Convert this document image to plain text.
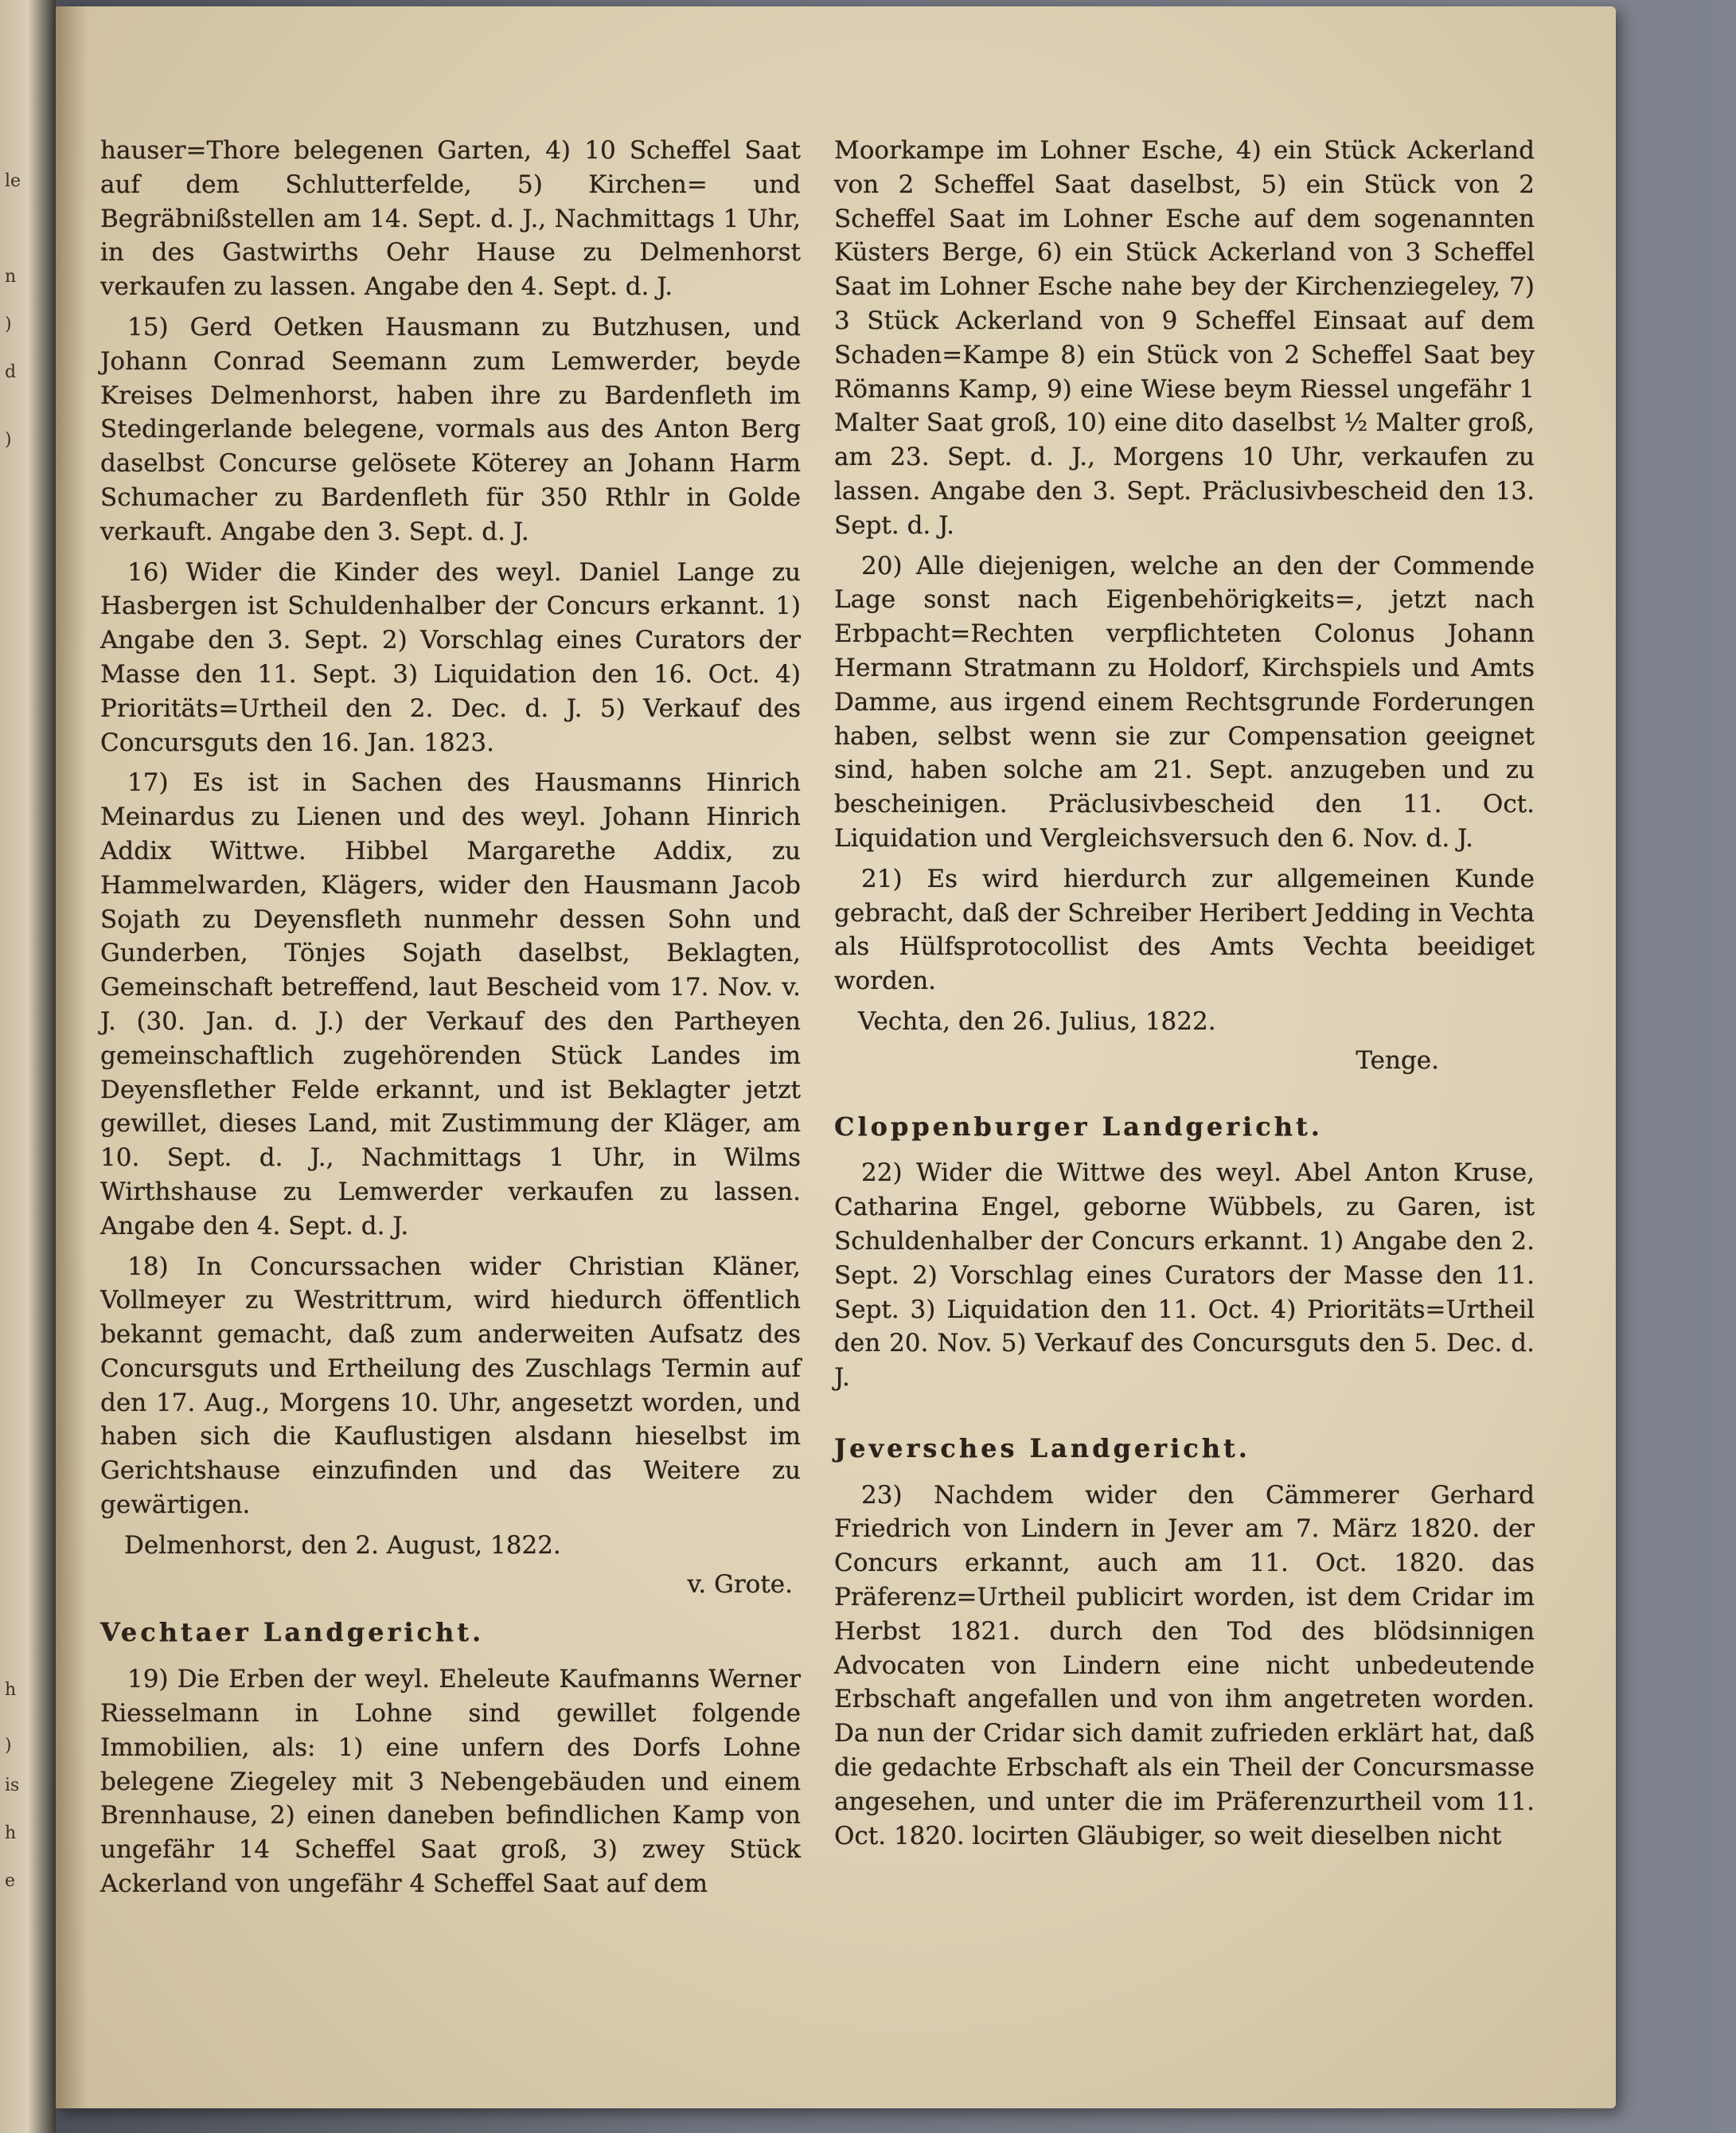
le
n
)
d
)
h
)
is
h
e

hauser=Thore belegenen Garten, 4) 10 Scheffel Saat auf dem Schlutterfelde, 5) Kirchen= und Begräbnißstellen am 14. Sept. d. J., Nachmittags 1 Uhr, in des Gastwirths Oehr Hause zu Delmenhorst verkaufen zu lassen. Angabe den 4. Sept. d. J.

15) Gerd Oetken Hausmann zu Butzhusen, und Johann Conrad Seemann zum Lemwerder, beyde Kreises Delmenhorst, haben ihre zu Bardenfleth im Stedingerlande belegene, vormals aus des Anton Berg daselbst Concurse gelösete Köterey an Johann Harm Schumacher zu Bardenfleth für 350 Rthlr in Golde verkauft. Angabe den 3. Sept. d. J.

16) Wider die Kinder des weyl. Daniel Lange zu Hasbergen ist Schuldenhalber der Concurs erkannt. 1) Angabe den 3. Sept. 2) Vorschlag eines Curators der Masse den 11. Sept. 3) Liquidation den 16. Oct. 4) Prioritäts=Urtheil den 2. Dec. d. J. 5) Verkauf des Concursguts den 16. Jan. 1823.

17) Es ist in Sachen des Hausmanns Hinrich Meinardus zu Lienen und des weyl. Johann Hinrich Addix Wittwe. Hibbel Margarethe Addix, zu Hammelwarden, Klägers, wider den Hausmann Jacob Sojath zu Deyensfleth nunmehr dessen Sohn und Gunderben, Tönjes Sojath daselbst, Beklagten, Gemeinschaft betreffend, laut Bescheid vom 17. Nov. v. J. (30. Jan. d. J.) der Verkauf des den Partheyen gemeinschaftlich zugehörenden Stück Landes im Deyensflether Felde erkannt, und ist Beklagter jetzt gewillet, dieses Land, mit Zustimmung der Kläger, am 10. Sept. d. J., Nachmittags 1 Uhr, in Wilms Wirthshause zu Lemwerder verkaufen zu lassen. Angabe den 4. Sept. d. J.

18) In Concurssachen wider Christian Kläner, Vollmeyer zu Westrittrum, wird hiedurch öffentlich bekannt gemacht, daß zum anderweiten Aufsatz des Concursguts und Ertheilung des Zuschlags Termin auf den 17. Aug., Morgens 10. Uhr, angesetzt worden, und haben sich die Kauflustigen alsdann hieselbst im Gerichtshause einzufinden und das Weitere zu gewärtigen.

Delmenhorst, den 2. August, 1822.

v. Grote.

Vechtaer Landgericht.

19) Die Erben der weyl. Eheleute Kaufmanns Werner Riesselmann in Lohne sind gewillet folgende Immobilien, als: 1) eine unfern des Dorfs Lohne belegene Ziegeley mit 3 Nebengebäuden und einem Brennhause, 2) einen daneben befindlichen Kamp von ungefähr 14 Scheffel Saat groß, 3) zwey Stück Ackerland von ungefähr 4 Scheffel Saat auf dem

Moorkampe im Lohner Esche, 4) ein Stück Ackerland von 2 Scheffel Saat daselbst, 5) ein Stück von 2 Scheffel Saat im Lohner Esche auf dem sogenannten Küsters Berge, 6) ein Stück Ackerland von 3 Scheffel Saat im Lohner Esche nahe bey der Kirchenziegeley, 7) 3 Stück Ackerland von 9 Scheffel Einsaat auf dem Schaden=Kampe 8) ein Stück von 2 Scheffel Saat bey Römanns Kamp, 9) eine Wiese beym Riessel ungefähr 1 Malter Saat groß, 10) eine dito daselbst ½ Malter groß, am 23. Sept. d. J., Morgens 10 Uhr, verkaufen zu lassen. Angabe den 3. Sept. Präclusivbescheid den 13. Sept. d. J.

20) Alle diejenigen, welche an den der Commende Lage sonst nach Eigenbehörigkeits=, jetzt nach Erbpacht=Rechten verpflichteten Colonus Johann Hermann Stratmann zu Holdorf, Kirchspiels und Amts Damme, aus irgend einem Rechtsgrunde Forderungen haben, selbst wenn sie zur Compensation geeignet sind, haben solche am 21. Sept. anzugeben und zu bescheinigen. Präclusivbescheid den 11. Oct. Liquidation und Vergleichsversuch den 6. Nov. d. J.

21) Es wird hierdurch zur allgemeinen Kunde gebracht, daß der Schreiber Heribert Jedding in Vechta als Hülfsprotocollist des Amts Vechta beeidiget worden.

Vechta, den 26. Julius, 1822.

Tenge.

Cloppenburger Landgericht.

22) Wider die Wittwe des weyl. Abel Anton Kruse, Catharina Engel, geborne Wübbels, zu Garen, ist Schuldenhalber der Concurs erkannt. 1) Angabe den 2. Sept. 2) Vorschlag eines Curators der Masse den 11. Sept. 3) Liquidation den 11. Oct. 4) Prioritäts=Urtheil den 20. Nov. 5) Verkauf des Concursguts den 5. Dec. d. J.

Jeversches Landgericht.

23) Nachdem wider den Cämmerer Gerhard Friedrich von Lindern in Jever am 7. März 1820. der Concurs erkannt, auch am 11. Oct. 1820. das Präferenz=Urtheil publicirt worden, ist dem Cridar im Herbst 1821. durch den Tod des blödsinnigen Advocaten von Lindern eine nicht unbedeutende Erbschaft angefallen und von ihm angetreten worden. Da nun der Cridar sich damit zufrieden erklärt hat, daß die gedachte Erbschaft als ein Theil der Concursmasse angesehen, und unter die im Präferenzurtheil vom 11. Oct. 1820. locirten Gläubiger, so weit dieselben nicht
